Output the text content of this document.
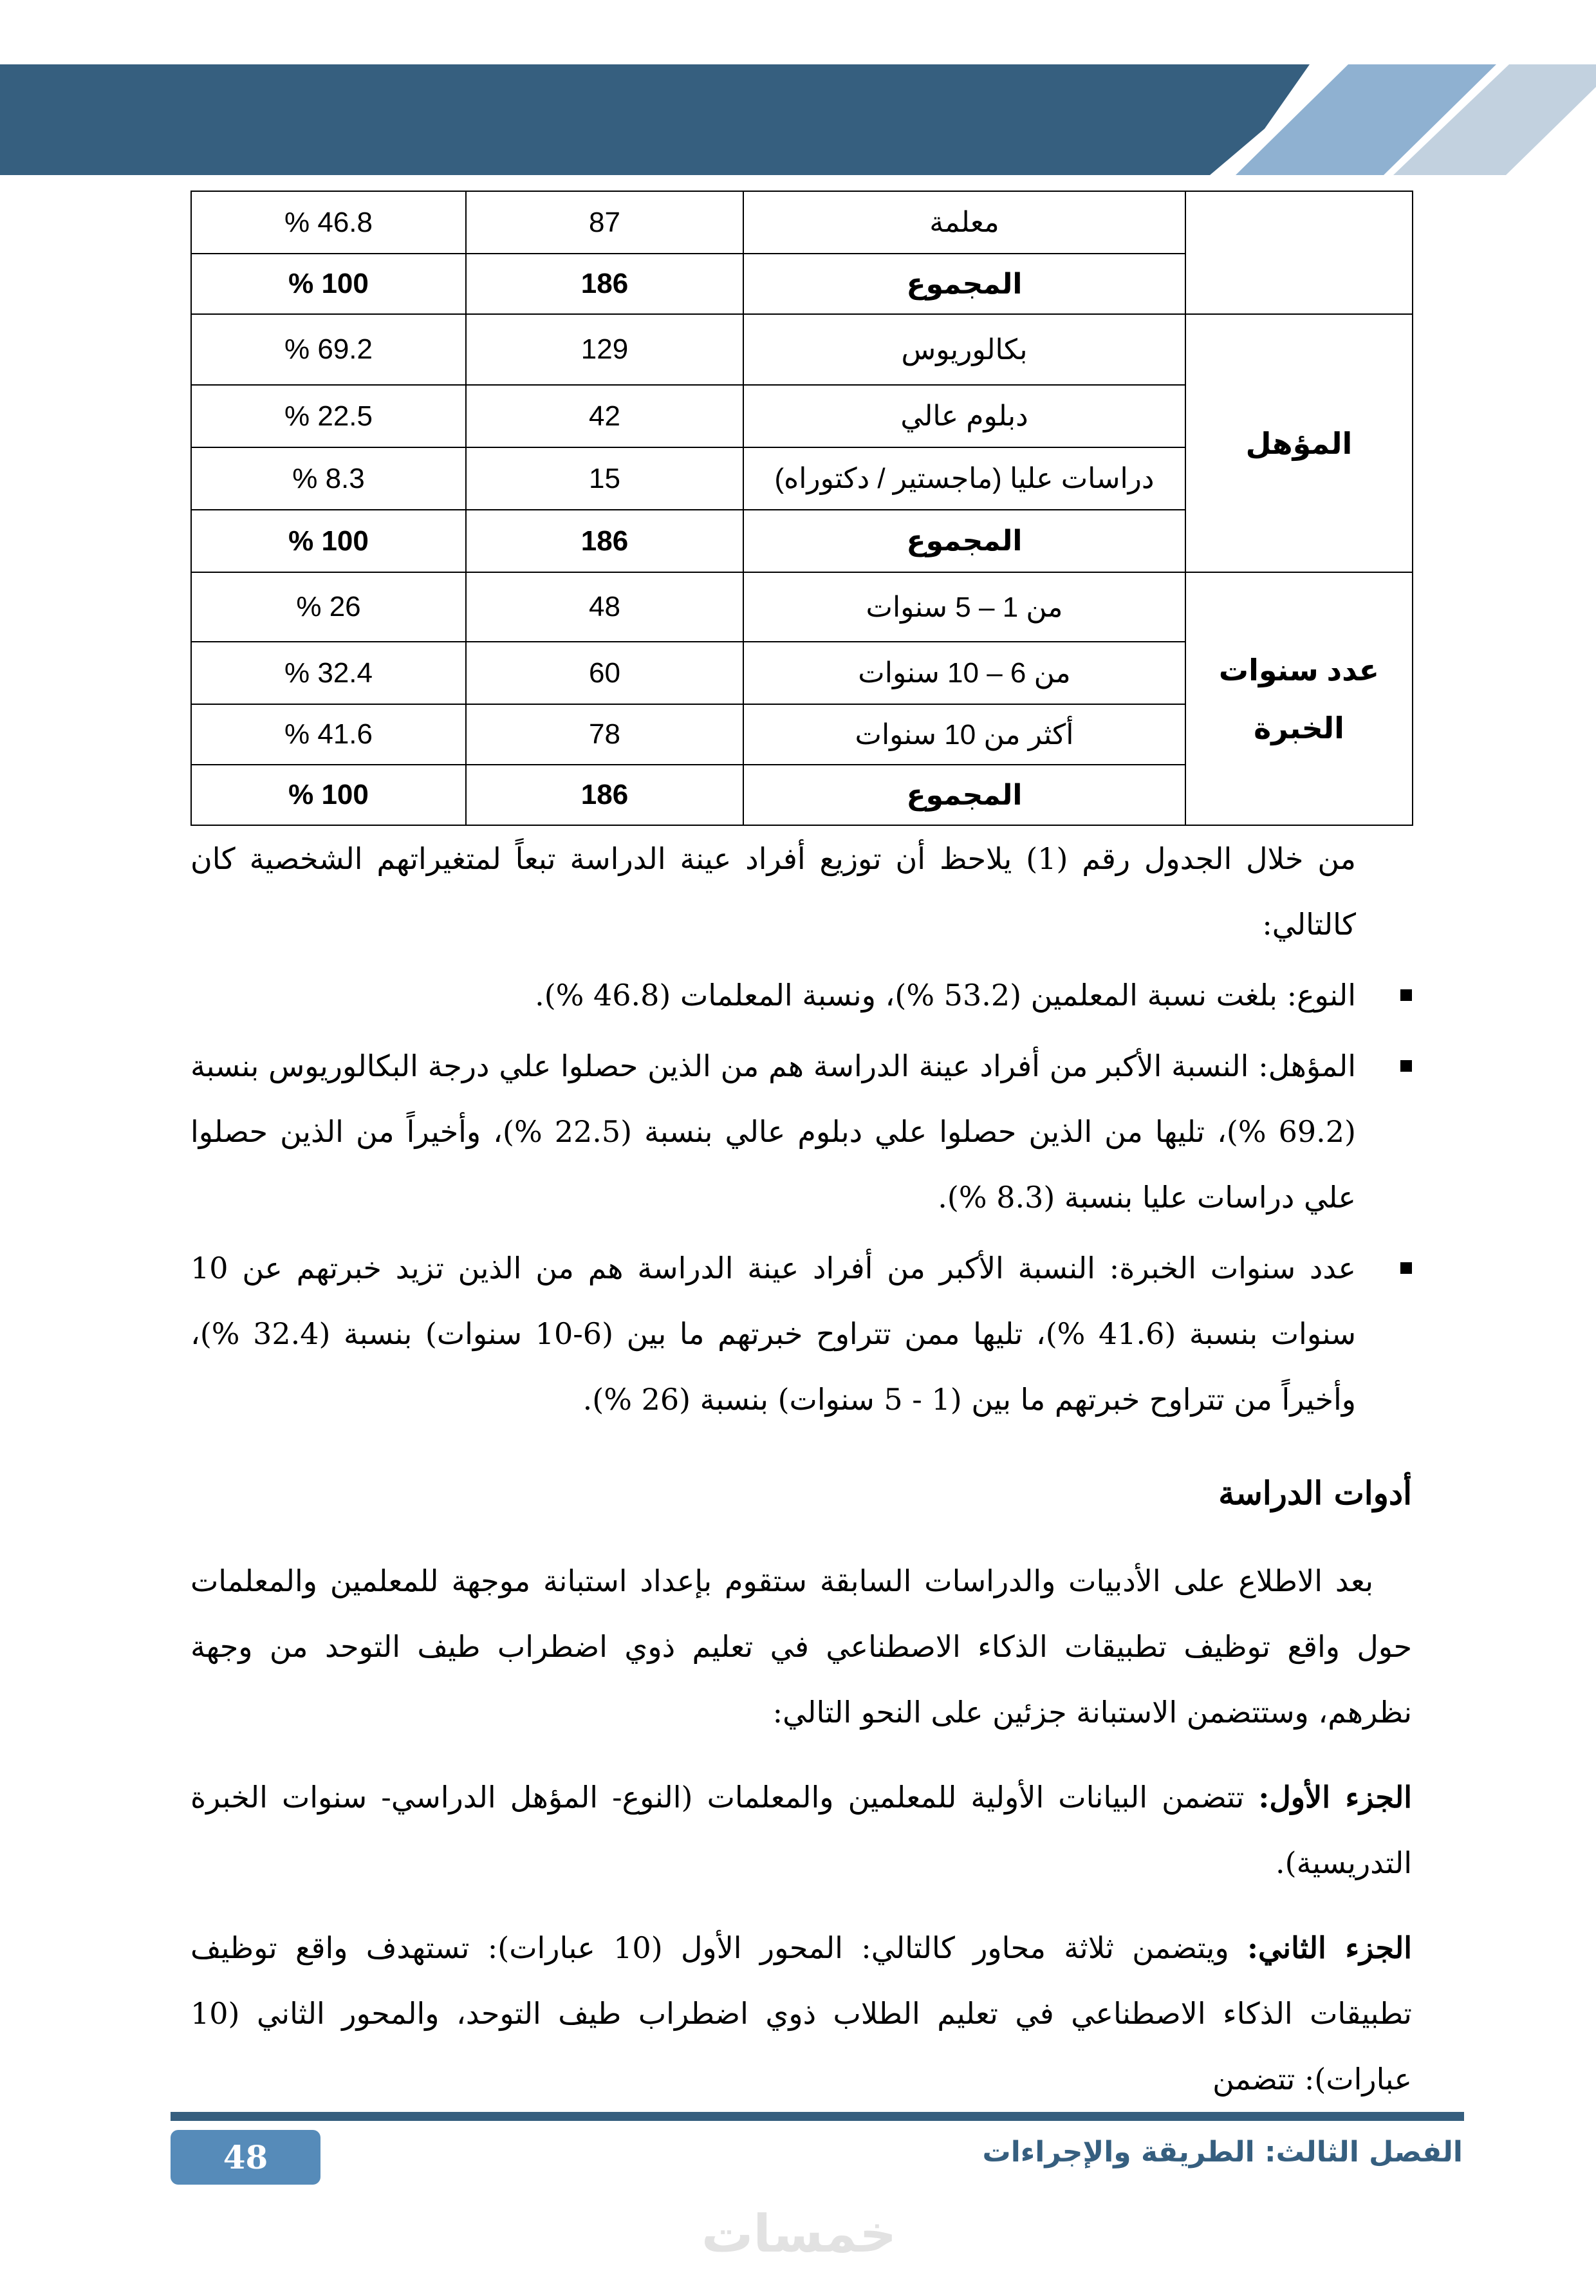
	معلمة	87	% 46.8
	المجموع	186	% 100
المؤهل	بكالوريوس	129	% 69.2
	دبلوم عالي	42	% 22.5
	دراسات عليا (ماجستير / دكتوراه)	15	% 8.3
	المجموع	186	% 100
عدد سنوات الخبرة	من 1 – 5 سنوات	48	% 26
	من 6 – 10 سنوات	60	% 32.4
	أكثر من 10 سنوات	78	% 41.6
	المجموع	186	% 100

من خلال الجدول رقم (1) يلاحظ أن توزيع أفراد عينة الدراسة تبعاً لمتغيراتهم الشخصية كان كالتالي:

النوع: بلغت نسبة المعلمين (53.2 %)، ونسبة المعلمات (46.8 %).
المؤهل: النسبة الأكبر من أفراد عينة الدراسة هم من الذين حصلوا علي درجة البكالوريوس بنسبة (69.2 %)، تليها من الذين حصلوا علي دبلوم عالي بنسبة (22.5 %)، وأخيراً من الذين حصلوا علي دراسات عليا بنسبة (8.3 %).
عدد سنوات الخبرة: النسبة الأكبر من أفراد عينة الدراسة هم من الذين تزيد خبرتهم عن 10 سنوات بنسبة (41.6 %)، تليها ممن تتراوح خبرتهم ما بين (6-10 سنوات) بنسبة (32.4 %)، وأخيراً من تتراوح خبرتهم ما بين (1 - 5 سنوات) بنسبة (26 %).
أدوات الدراسة

بعد الاطلاع على الأدبيات والدراسات السابقة ستقوم بإعداد استبانة موجهة للمعلمين والمعلمات حول واقع توظيف تطبيقات الذكاء الاصطناعي في تعليم ذوي اضطراب طيف التوحد من وجهة نظرهم، وستتضمن الاستبانة جزئين على النحو التالي:

الجزء الأول: تتضمن البيانات الأولية للمعلمين والمعلمات (النوع- المؤهل الدراسي- سنوات الخبرة التدريسية).

الجزء الثاني: ويتضمن ثلاثة محاور كالتالي: المحور الأول (10 عبارات): تستهدف واقع توظيف تطبيقات الذكاء الاصطناعي في تعليم الطلاب ذوي اضطراب طيف التوحد، والمحور الثاني (10 عبارات): تتضمن

48	الفصل الثالث: الطريقة والإجراءات
خمسات
